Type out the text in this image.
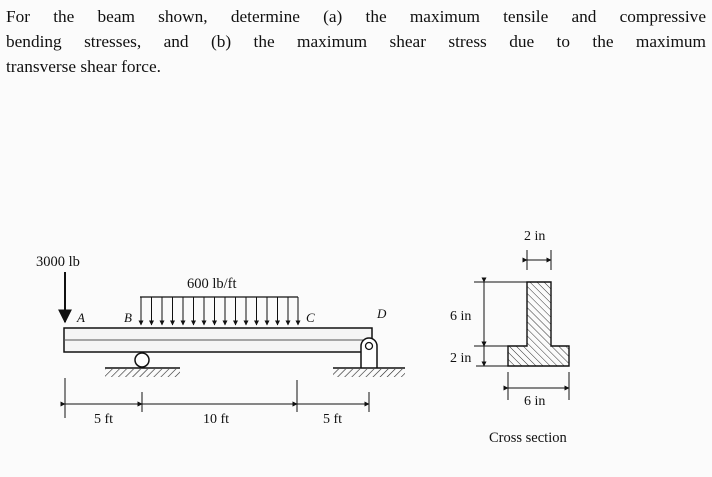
For the beam shown, determine (a) the maximum tensile and compressive
bending stresses, and (b) the maximum shear stress due to the maximum
transverse shear force.
3000 lb
600 lb/ft
A	B	C	D
5 ft	10 ft	5 ft
2 in
6 in
2 in
6 in
Cross section
